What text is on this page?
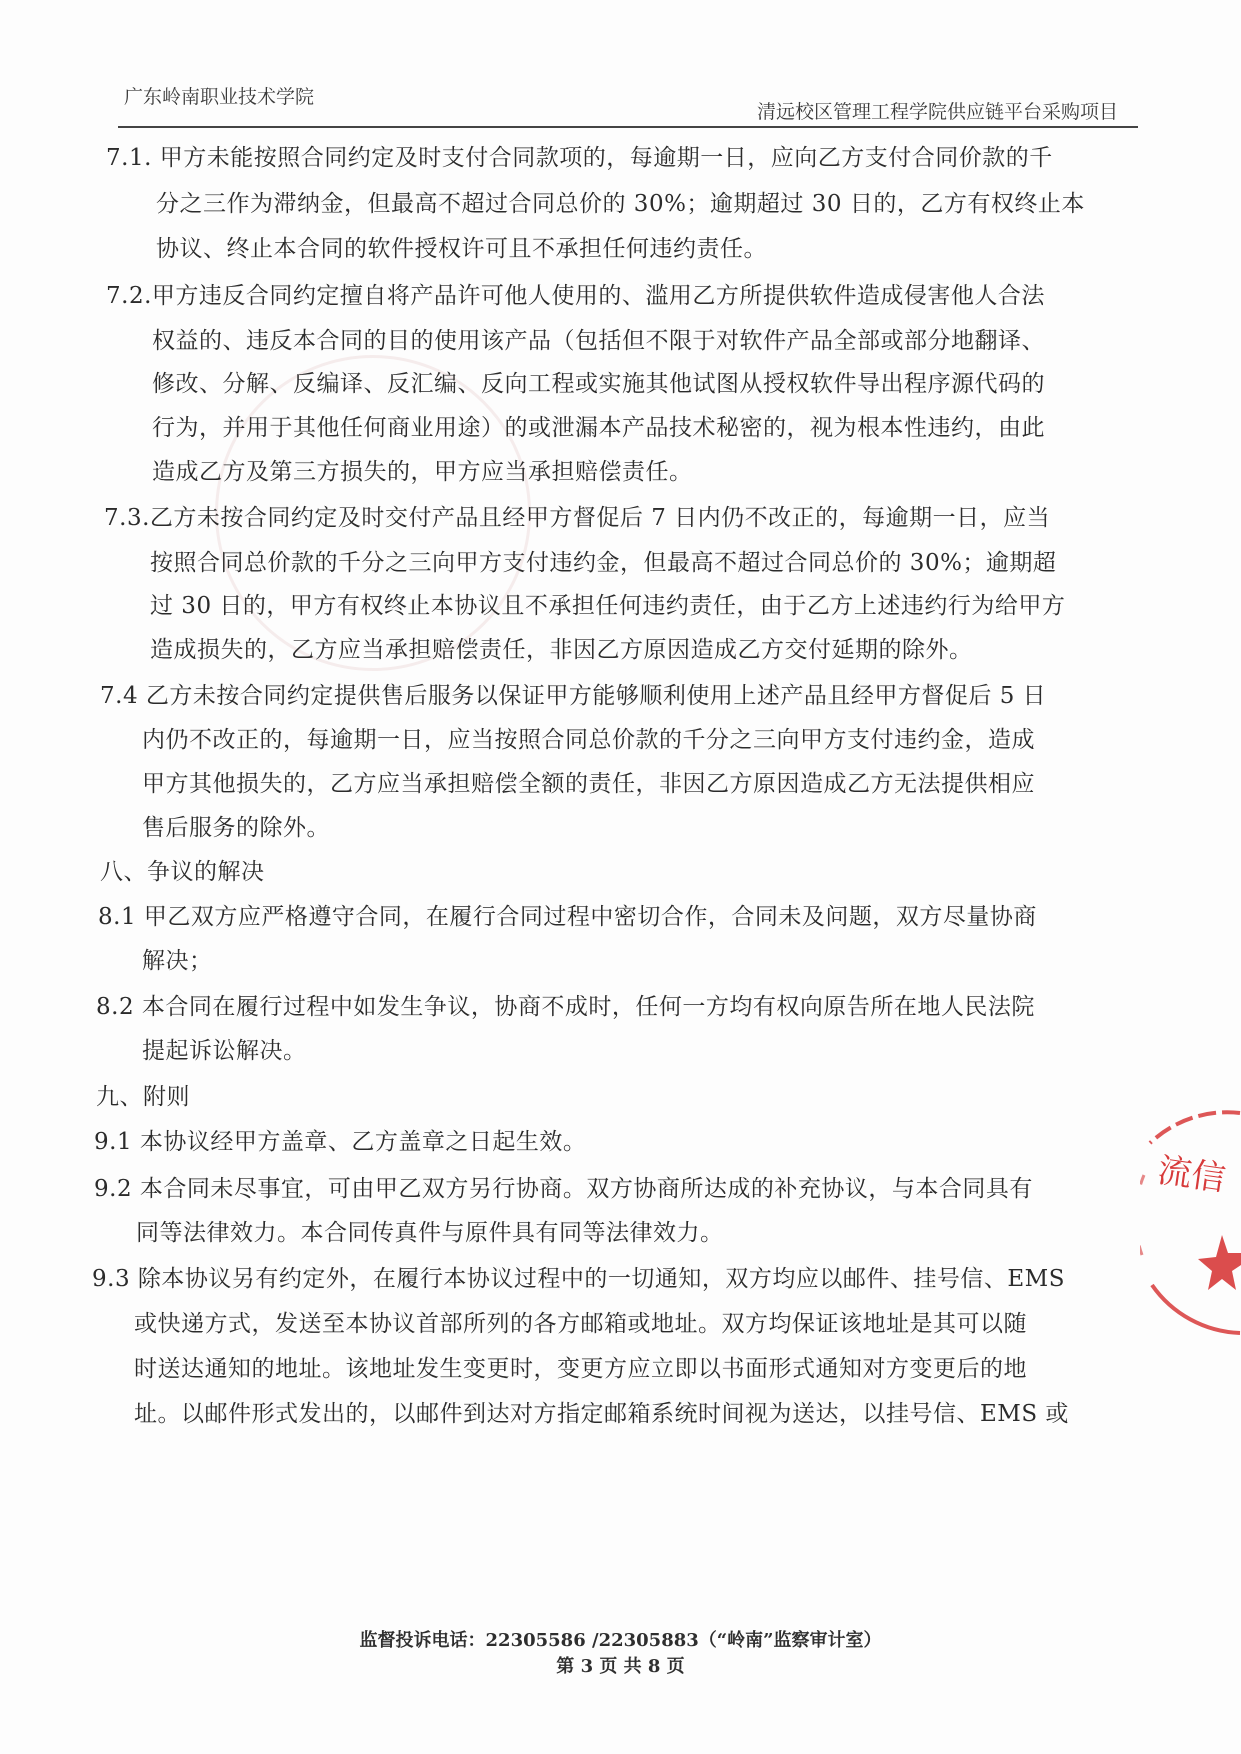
广东岭南职业技术学院
清远校区管理工程学院供应链平台采购项目
7.1. 甲方未能按照合同约定及时支付合同款项的，每逾期一日，应向乙方支付合同价款的千
分之三作为滞纳金，但最高不超过合同总价的 30%；逾期超过 30 日的，乙方有权终止本
协议、终止本合同的软件授权许可且不承担任何违约责任。
7.2.甲方违反合同约定擅自将产品许可他人使用的、滥用乙方所提供软件造成侵害他人合法
权益的、违反本合同的目的使用该产品（包括但不限于对软件产品全部或部分地翻译、
修改、分解、反编译、反汇编、反向工程或实施其他试图从授权软件导出程序源代码的
行为，并用于其他任何商业用途）的或泄漏本产品技术秘密的，视为根本性违约，由此
造成乙方及第三方损失的，甲方应当承担赔偿责任。
7.3.乙方未按合同约定及时交付产品且经甲方督促后 7 日内仍不改正的，每逾期一日，应当
按照合同总价款的千分之三向甲方支付违约金，但最高不超过合同总价的 30%；逾期超
过 30 日的，甲方有权终止本协议且不承担任何违约责任，由于乙方上述违约行为给甲方
造成损失的，乙方应当承担赔偿责任，非因乙方原因造成乙方交付延期的除外。
7.4 乙方未按合同约定提供售后服务以保证甲方能够顺利使用上述产品且经甲方督促后 5 日
内仍不改正的，每逾期一日，应当按照合同总价款的千分之三向甲方支付违约金，造成
甲方其他损失的，乙方应当承担赔偿全额的责任，非因乙方原因造成乙方无法提供相应
售后服务的除外。
八、争议的解决
8.1 甲乙双方应严格遵守合同，在履行合同过程中密切合作，合同未及问题，双方尽量协商
解决；
8.2 本合同在履行过程中如发生争议，协商不成时，任何一方均有权向原告所在地人民法院
提起诉讼解决。
九、附则
9.1 本协议经甲方盖章、乙方盖章之日起生效。
9.2 本合同未尽事宜，可由甲乙双方另行协商。双方协商所达成的补充协议，与本合同具有
同等法律效力。本合同传真件与原件具有同等法律效力。
9.3 除本协议另有约定外，在履行本协议过程中的一切通知，双方均应以邮件、挂号信、EMS
或快递方式，发送至本协议首部所列的各方邮箱或地址。双方均保证该地址是其可以随
时送达通知的地址。该地址发生变更时，变更方应立即以书面形式通知对方变更后的地
址。以邮件形式发出的，以邮件到达对方指定邮箱系统时间视为送达，以挂号信、EMS 或
流信
监督投诉电话：22305586 /22305883（“岭南”监察审计室）
第 3 页 共 8 页
